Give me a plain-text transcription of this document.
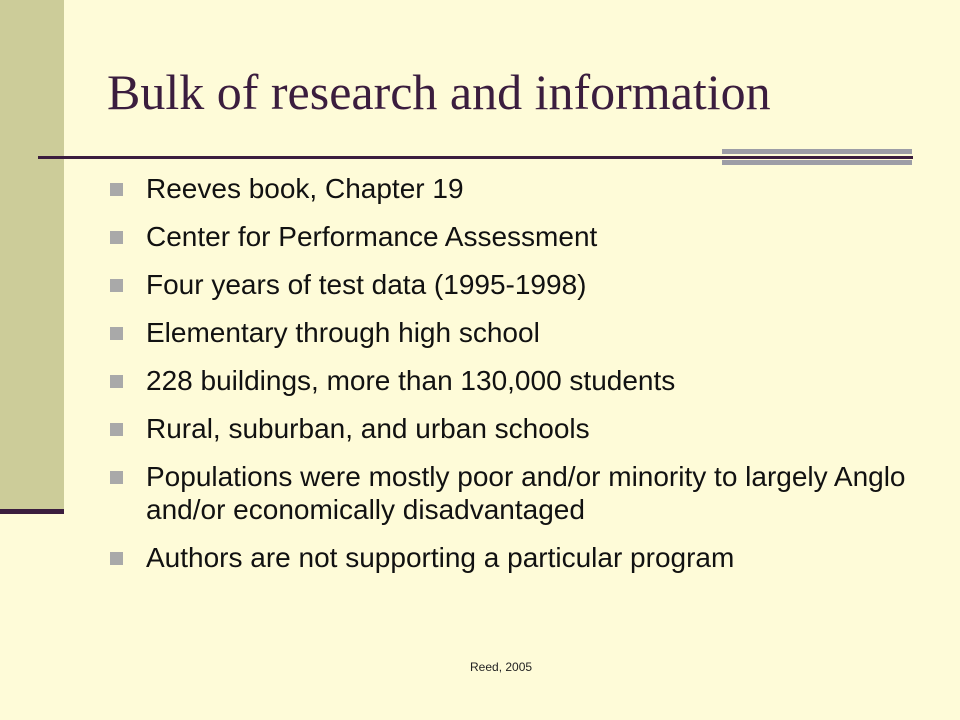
Bulk of research and information
Reeves book, Chapter 19
Center for Performance Assessment
Four years of test data (1995-1998)
Elementary through high school
228 buildings, more than 130,000 students
Rural, suburban, and urban schools
Populations were mostly poor and/or minority to largely Anglo and/or economically disadvantaged
Authors are not supporting a particular program
Reed, 2005
